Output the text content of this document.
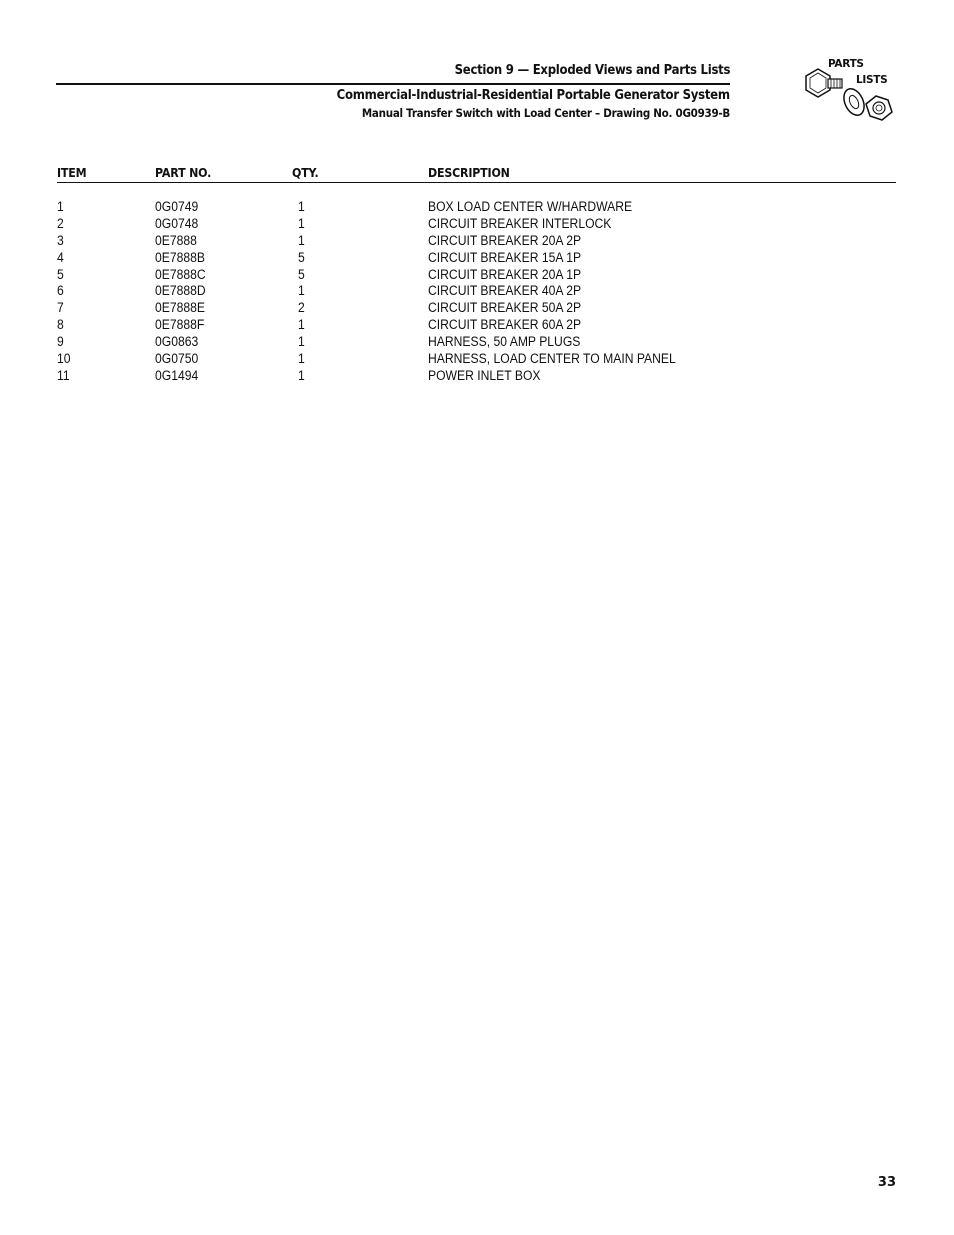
Section 9 — Exploded Views and Parts Lists
Commercial-Industrial-Residential Portable Generator System
Manual Transfer Switch with Load Center – Drawing No. 0G0939-B
PARTS
LISTS
ITEM	PART NO.	QTY.	DESCRIPTION
1	0G0749	1	BOX LOAD CENTER W/HARDWARE
2	0G0748	1	CIRCUIT BREAKER INTERLOCK
3	0E7888	1	CIRCUIT BREAKER 20A 2P
4	0E7888B	5	CIRCUIT BREAKER 15A 1P
5	0E7888C	5	CIRCUIT BREAKER 20A 1P
6	0E7888D	1	CIRCUIT BREAKER 40A 2P
7	0E7888E	2	CIRCUIT BREAKER 50A 2P
8	0E7888F	1	CIRCUIT BREAKER 60A 2P
9	0G0863	1	HARNESS, 50 AMP PLUGS
10	0G0750	1	HARNESS, LOAD CENTER TO MAIN PANEL
11	0G1494	1	POWER INLET BOX
33
